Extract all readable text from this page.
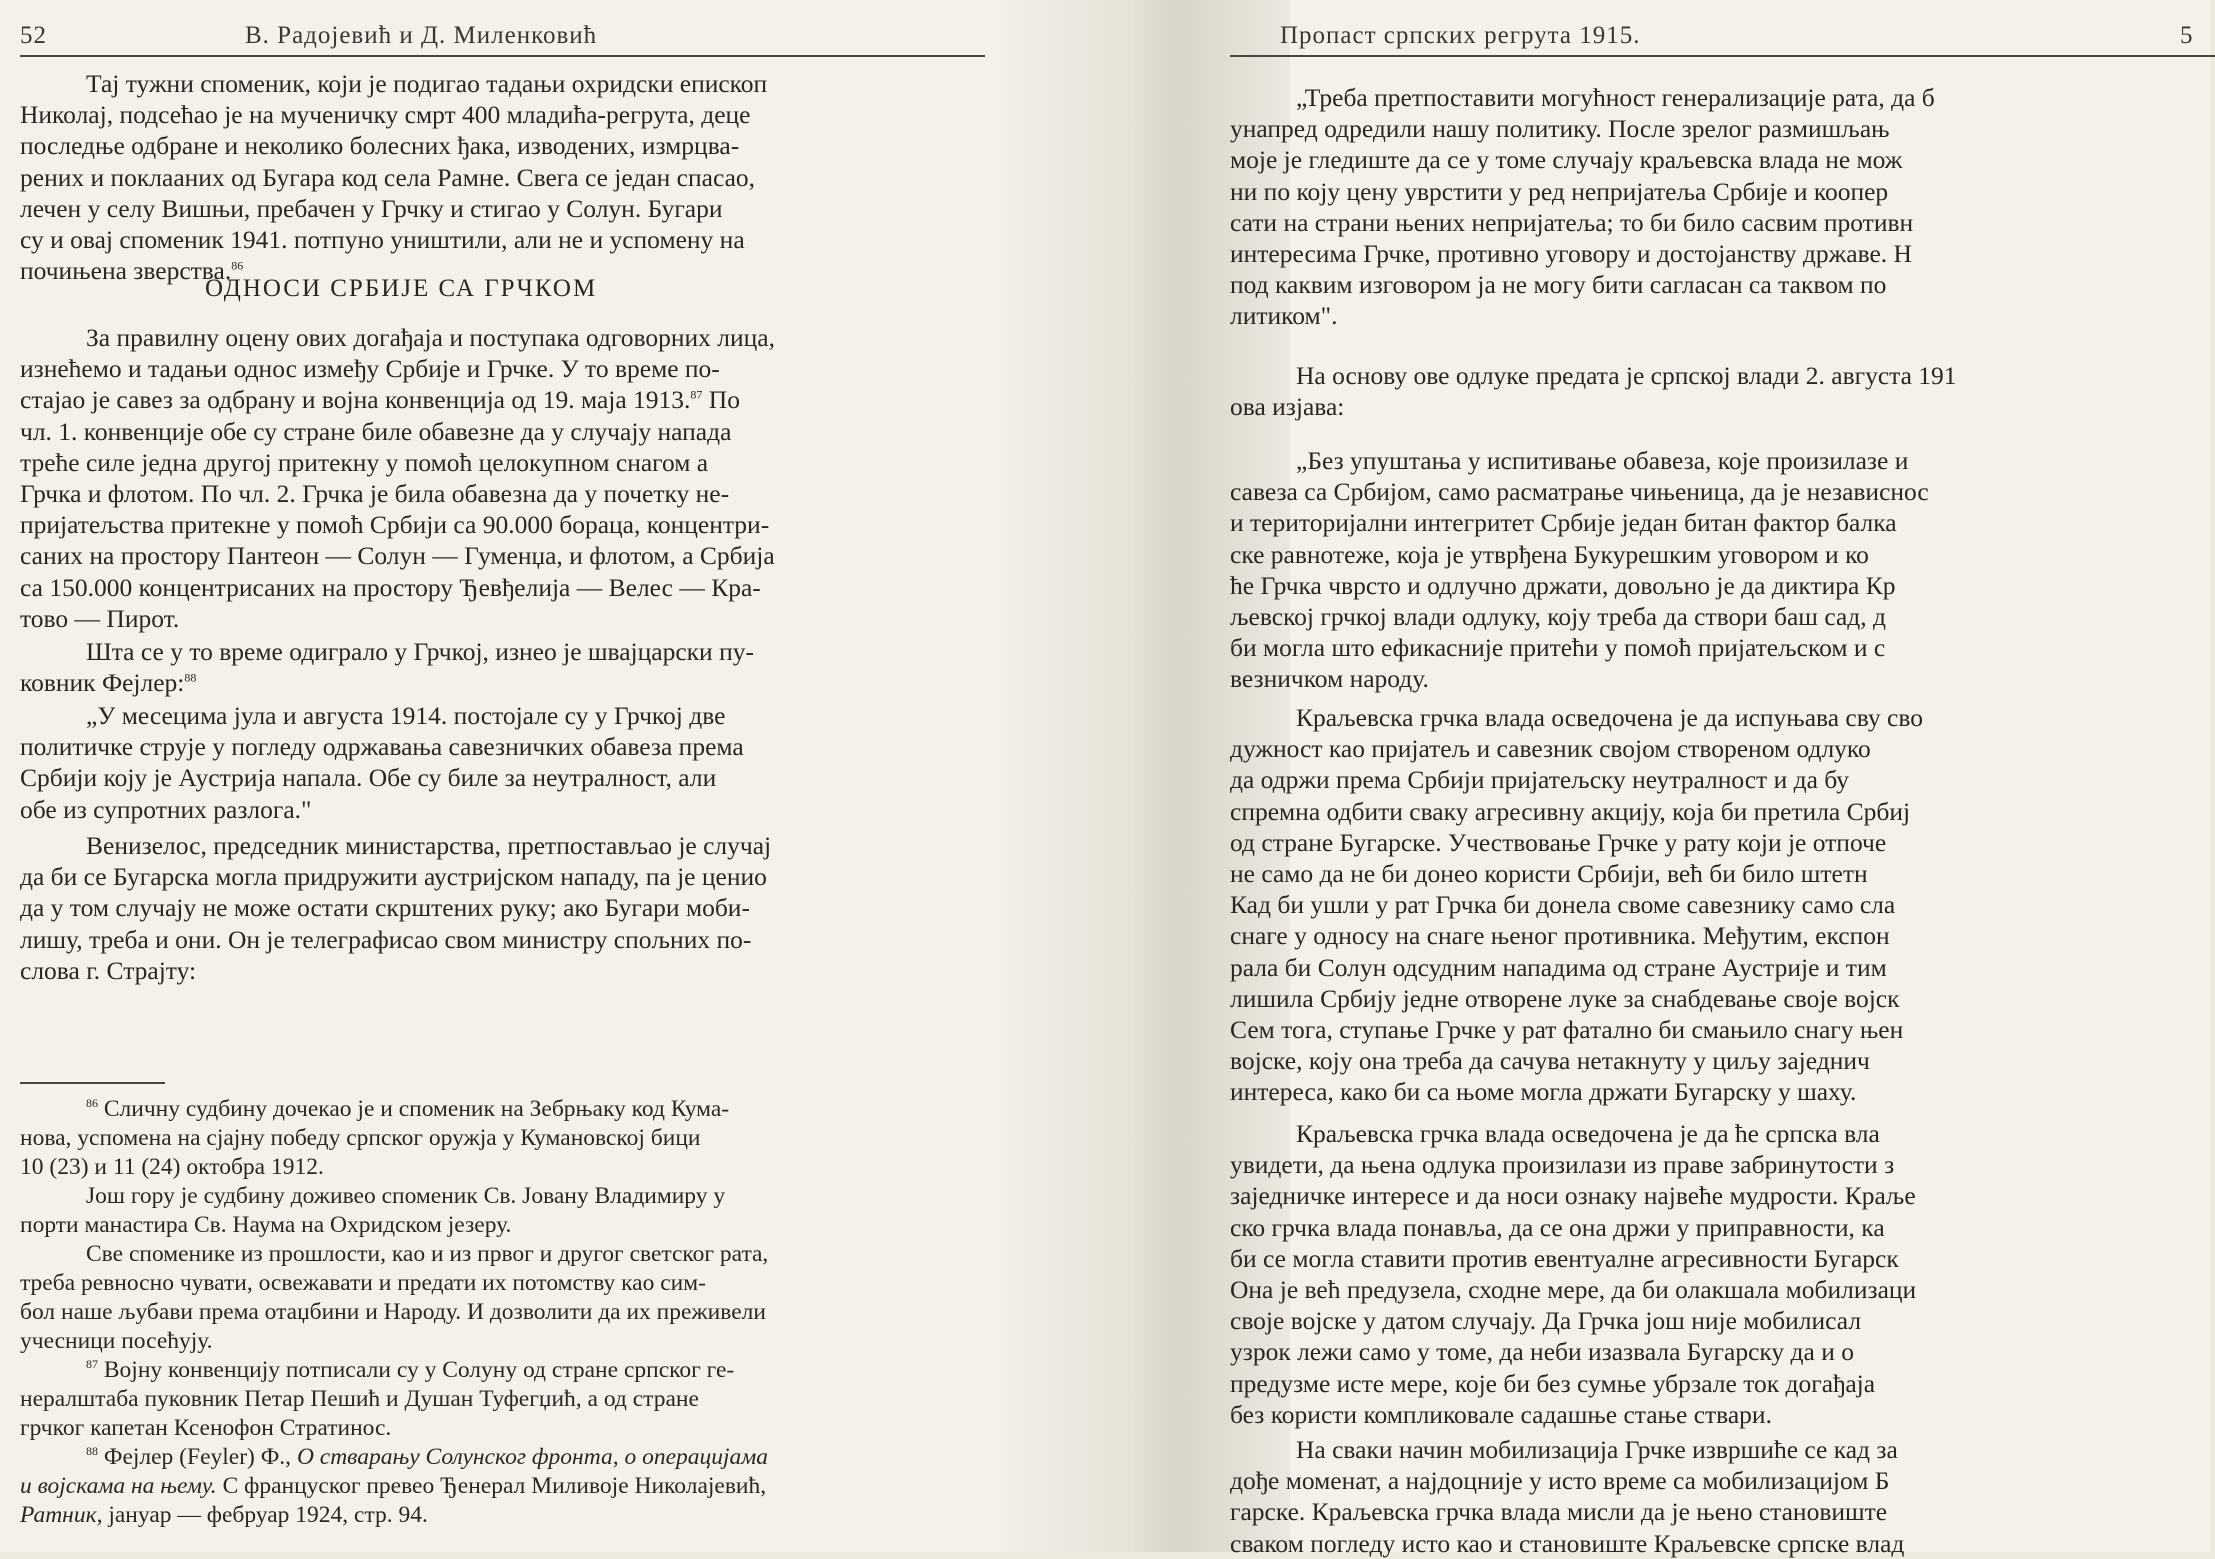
52	В. Радојевић и Д. Миленковић
Тај тужни споменик, који је подигао тадањи охридски епископ
Николај, подсећао је на мученичку смрт 400 младића-регрута, деце
последње одбране и неколико болесних ђака, изводених, измрцва-
рених и поклааних од Бугара код села Рамне. Свега се један спасао,
лечен у селу Вишњи, пребачен у Грчку и стигао у Солун. Бугари
су и овај споменик 1941. потпуно уништили, али не и успомену на
почињена зверства.$^{86}$
ОДНОСИ СРБИЈЕ СА ГРЧКОМ
За правилну оцену ових догађаја и поступака одговорних лица,
изнећемо и тадањи однос између Србије и Грчке. У то време по-
стајао је савез за одбрану и војна конвенција од 19. маја 1913.87 По
чл. 1. конвенције обе су стране биле обавезне да у случају напада
треће силе једна другој притекну у помоћ целокупном снагом а
Грчка и флотом. По чл. 2. Грчка је била обавезна да у почетку не-
пријатељства притекне у помоћ Србији са 90.000 бораца, концентри-
саних на простору Пантеон — Солун — Гуменџа, и флотом, а Србија
са 150.000 концентрисаних на простору Ђевђелија — Велес — Кра-
тово — Пирот.
Шта се у то време одиграло у Грчкој, изнео је швајцарски пу-
ковник Фејлер:$^{88}$
„У месецима јула и августа 1914. постојале су у Грчкој две
политичке струје у погледу одржавања савезничких обавеза према
Србији коју је Аустрија напала. Обе су биле за неутралност, али
обе из супротних разлога."
Венизелос, председник министарства, претпостављао је случај
да би се Бугарска могла придружити аустријском нападу, па је ценио
да у том случају не може остати скрштених руку; ако Бугари моби-
лишу, треба и они. Он је телеграфисао свом министру спољних по-
слова г. Страјту:
$^{86}$ Сличну судбину дочекао је и споменик на Зебрњаку код Кума-
нова, успомена на сјајну победу српског оружја у Кумановској бици
10 (23) и 11 (24) октобра 1912.
Још гору је судбину доживео споменик Св. Јовану Владимиру у
порти манастира Св. Наума на Охридском језеру.
Све споменике из прошлости, као и из првог и другог светског рата,
треба ревносно чувати, освежавати и предати их потомству као сим-
бол наше љубави према отаџбини и Народу. И дозволити да их преживели
учесници посећују.
$^{87}$ Војну конвенцију потписали су у Солуну од стране српског ге-
нералштаба пуковник Петар Пешић и Душан Туфегџић, а од стране
грчког капетан Ксенофон Стратинос.
$^{88}$ Фејлер (Feyler) Ф., О стварању Солунског фронта, о операцијама
и војскама на њему. С француског превео Ђенерал Миливоје Николајевић,
Ратник, јануар — фебруар 1924, стр. 94.
Пропаст српских регрута 1915.	5
„Треба претпоставити могућност генерализације рата, да б
унапред одредили нашу политику. После зрелог размишљањ
моје је гледиште да се у томе случају краљевска влада не мож
ни по коју цену уврстити у ред непријатеља Србије и коопер
сати на страни њених непријатеља; то би било сасвим противн
интересима Грчке, противно уговору и достојанству државе. Н
под каквим изговором ја не могу бити сагласан са таквом по
литиком".
На основу ове одлуке предата је српској влади 2. августа 191
ова изјава:
„Без упуштања у испитивање обавеза, које произилазе и
савеза са Србијом, само расматрање чињеница, да је независнос
и територијални интегритет Србије један битан фактор балка
ске равнотеже, која је утврђена Букурешким уговором и ко
ће Грчка чврсто и одлучно држати, довољно је да диктира Кр
љевској грчкој влади одлуку, коју треба да створи баш сад, д
би могла што ефикасније притећи у помоћ пријатељском и с
везничком народу.
Краљевска грчка влада осведочена је да испуњава сву сво
дужност као пријатељ и савезник својом створеном одлуко
да одржи према Србији пријатељску неутралност и да бу
спремна одбити сваку агресивну акцију, која би претила Србиј
од стране Бугарске. Учествовање Грчке у рату који је отпоче
не само да не би донео користи Србији, већ би било штетн
Кад би ушли у рат Грчка би донела своме савезнику само сла
снаге у односу на снаге њеног противника. Међутим, експон
рала би Солун одсудним нападима од стране Аустрије и тим
лишила Србију једне отворене луке за снабдевање своје војск
Сем тога, ступање Грчке у рат фатално би смањило снагу њен
војске, коју она треба да сачува нетакнуту у циљу заједнич
интереса, како би са њоме могла држати Бугарску у шаху.
Краљевска грчка влада осведочена је да ће српска вла
увидети, да њена одлука произилази из праве забринутости з
заједничке интересе и да носи ознаку највеће мудрости. Краље
ско грчка влада понавља, да се она држи у приправности, ка
би се могла ставити против евентуалне агресивности Бугарск
Она је већ предузела, сходне мере, да би олакшала мобилизаци
своје војске у датом случају. Да Грчка још није мобилисал
узрок лежи само у томе, да неби изазвала Бугарску да и о
предузме исте мере, које би без сумње убрзале ток догађаја
без користи компликовале садашње стање ствари.
На сваки начин мобилизација Грчке извршиће се кад за
дође моменат, а најдоцније у исто време са мобилизацијом Б
гарске. Краљевска грчка влада мисли да је њено становиште
сваком погледу исто као и становиште Краљевске српске влад
